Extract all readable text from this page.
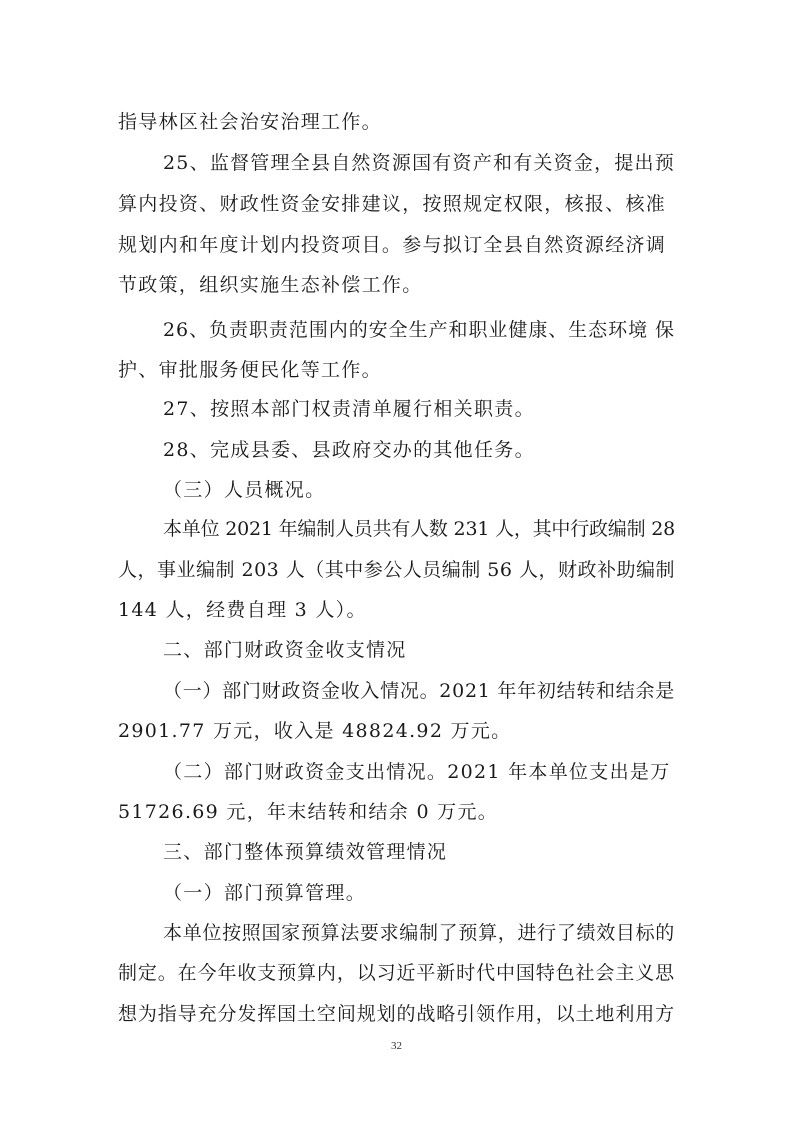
指导林区社会治安治理工作。
25、监督管理全县自然资源国有资产和有关资金，提出预
算内投资、财政性资金安排建议，按照规定权限，核报、核准
规划内和年度计划内投资项目。参与拟订全县自然资源经济调
节政策，组织实施生态补偿工作。
26、负责职责范围内的安全生产和职业健康、生态环境 保
护、审批服务便民化等工作。
27、按照本部门权责清单履行相关职责。
28、完成县委、县政府交办的其他任务。
（三）人员概况。
本单位 2021 年编制人员共有人数 231 人，其中行政编制 28
人，事业编制 203 人（其中参公人员编制 56 人，财政补助编制
144 人，经费自理 3 人）。
二、部门财政资金收支情况
（一）部门财政资金收入情况。2021 年年初结转和结余是
2901.77 万元，收入是 48824.92 万元。
（二）部门财政资金支出情况。2021 年本单位支出是万
51726.69 元，年末结转和结余 0 万元。
三、部门整体预算绩效管理情况
（一）部门预算管理。
本单位按照国家预算法要求编制了预算，进行了绩效目标的
制定。在今年收支预算内，以习近平新时代中国特色社会主义思
想为指导充分发挥国土空间规划的战略引领作用，以土地利用方
32
